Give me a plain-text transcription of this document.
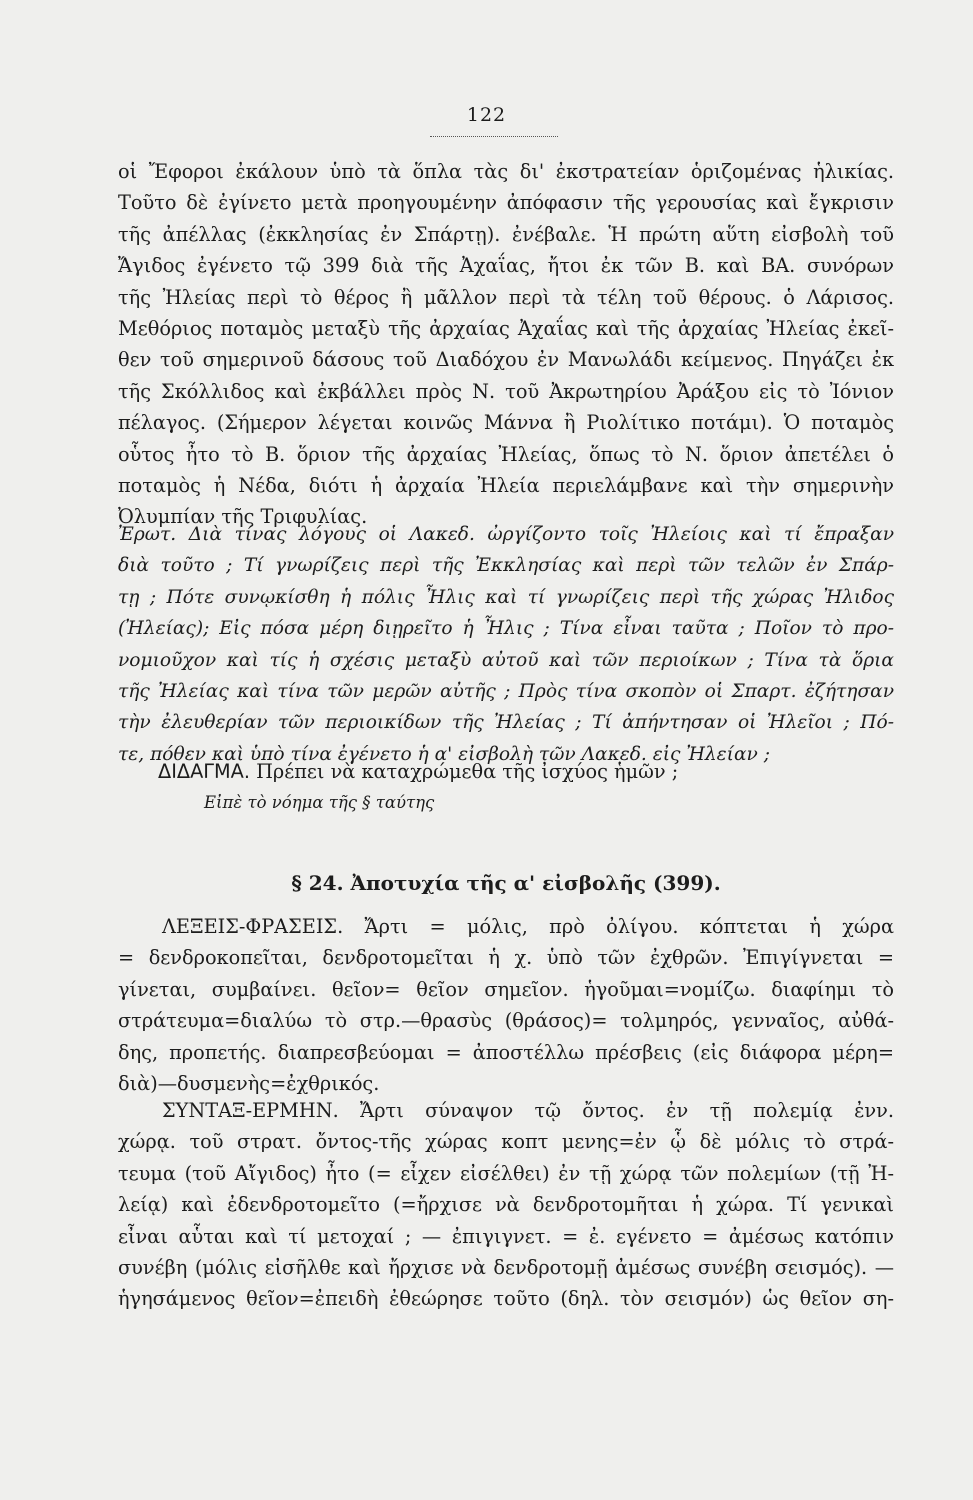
122
οἱ Ἔφοροι ἐκάλουν ὑπὸ τὰ ὅπλα τὰς δι' ἐκστρατείαν ὁριζομένας ἡλικίας.
Τοῦτο δὲ ἐγίνετο μετὰ προηγουμένην ἀπόφασιν τῆς γερουσίας καὶ ἔγκρισιν
τῆς ἀπέλλας (ἐκκλησίας ἐν Σπάρτῃ). ἐνέβαλε. Ἡ πρώτη αὕτη εἰσβολὴ τοῦ
Ἄγιδος ἐγένετο τῷ 399 διὰ τῆς Ἀχαΐας, ἤτοι ἐκ τῶν Β. καὶ ΒΑ. συνόρων
τῆς Ἠλείας περὶ τὸ θέρος ἢ μᾶλλον περὶ τὰ τέλη τοῦ θέρους. ὁ Λάρισος.
Μεθόριος ποταμὸς μεταξὺ τῆς ἀρχαίας Ἀχαΐας καὶ τῆς ἀρχαίας Ἠλείας ἐκεῖ-
θεν τοῦ σημερινοῦ δάσους τοῦ Διαδόχου ἐν Μανωλάδι κείμενος. Πηγάζει ἐκ
τῆς Σκόλλιδος καὶ ἐκβάλλει πρὸς Ν. τοῦ Ἀκρωτηρίου Ἀράξου εἰς τὸ Ἰόνιον
πέλαγος. (Σήμερον λέγεται κοινῶς Μάννα ἢ Ριολίτικο ποτάμι). Ὁ ποταμὸς
οὗτος ἦτο τὸ Β. ὅριον τῆς ἀρχαίας Ἠλείας, ὅπως τὸ Ν. ὅριον ἀπετέλει ὁ
ποταμὸς ἡ Νέδα, διότι ἡ ἀρχαία Ἠλεία περιελάμβανε καὶ τὴν σημερινὴν
Ὀλυμπίαν τῆς Τριφυλίας.
Ἐρωτ. Διὰ τίνας λόγους οἱ Λακεδ. ὠργίζοντο τοῖς Ἠλείοις καὶ τί ἔπραξαν
διὰ τοῦτο ; Τί γνωρίζεις περὶ τῆς Ἐκκλησίας καὶ περὶ τῶν τελῶν ἐν Σπάρ-
τῃ ; Πότε συνῳκίσθη ἡ πόλις Ἦλις καὶ τί γνωρίζεις περὶ τῆς χώρας Ἠλιδος
(Ἠλείας); Εἰς πόσα μέρη διῃρεῖτο ἡ Ἦλις ; Τίνα εἶναι ταῦτα ; Ποῖον τὸ προ-
νομιοῦχον καὶ τίς ἡ σχέσις μεταξὺ αὐτοῦ καὶ τῶν περιοίκων ; Τίνα τὰ ὅρια
τῆς Ἠλείας καὶ τίνα τῶν μερῶν αὐτῆς ; Πρὸς τίνα σκοπὸν οἱ Σπαρτ. ἐζήτησαν
τὴν ἐλευθερίαν τῶν περιοικίδων τῆς Ἠλείας ; Τί ἀπήντησαν οἱ Ἠλεῖοι ; Πό-
τε, πόθεν καὶ ὑπὸ τίνα ἐγένετο ἡ α' εἰσβολὴ τῶν Λακεδ. εἰς Ἠλείαν ;
ΔΙΔΑΓΜΑ. Πρέπει νὰ καταχρώμεθα τῆς ἰσχύος ἡμῶν ;
Εἰπὲ τὸ νόημα τῆς § ταύτης
§ 24. Ἀποτυχία τῆς α' εἰσβολῆς (399).
ΛΕΞΕΙΣ-ΦΡΑΣΕΙΣ. Ἄρτι = μόλις, πρὸ ὀλίγου. κόπτεται ἡ χώρα
= δενδροκοπεῖται, δενδροτομεῖται ἡ χ. ὑπὸ τῶν ἐχθρῶν. Ἐπιγίγνεται =
γίνεται, συμβαίνει. θεῖον= θεῖον σημεῖον. ἡγοῦμαι=νομίζω. διαφίημι τὸ
στράτευμα=διαλύω τὸ στρ.—θρασὺς (θράσος)= τολμηρός, γενναῖος, αὐθά-
δης, προπετής. διαπρεσβεύομαι = ἀποστέλλω πρέσβεις (εἰς διάφορα μέρη=
διὰ)—δυσμενὴς=ἐχθρικός.
ΣΥΝΤΑΞ-ΕΡΜΗΝ. Ἄρτι σύναψον τῷ ὄντος. ἐν τῇ πολεμίᾳ ἐνν.
χώρᾳ. τοῦ στρατ. ὄντος-τῆς χώρας κοπτ μενης=ἐν ᾧ δὲ μόλις τὸ στρά-
τευμα (τοῦ Αἴγιδος) ἦτο (= εἶχεν εἰσέλθει) ἐν τῇ χώρᾳ τῶν πολεμίων (τῇ Ἠ-
λείᾳ) καὶ ἐδενδροτομεῖτο (=ἤρχισε νὰ δενδροτομῆται ἡ χώρα. Τί γενικαὶ
εἶναι αὗται καὶ τί μετοχαί ; — ἐπιγιγνετ. = ἐ. εγένετο = ἀμέσως κατόπιν
συνέβη (μόλις εἰσῆλθε καὶ ἤρχισε νὰ δενδροτομῇ ἀμέσως συνέβη σεισμός). —
ἡγησάμενος θεῖον=ἐπειδὴ ἐθεώρησε τοῦτο (δηλ. τὸν σεισμόν) ὡς θεῖον ση-
